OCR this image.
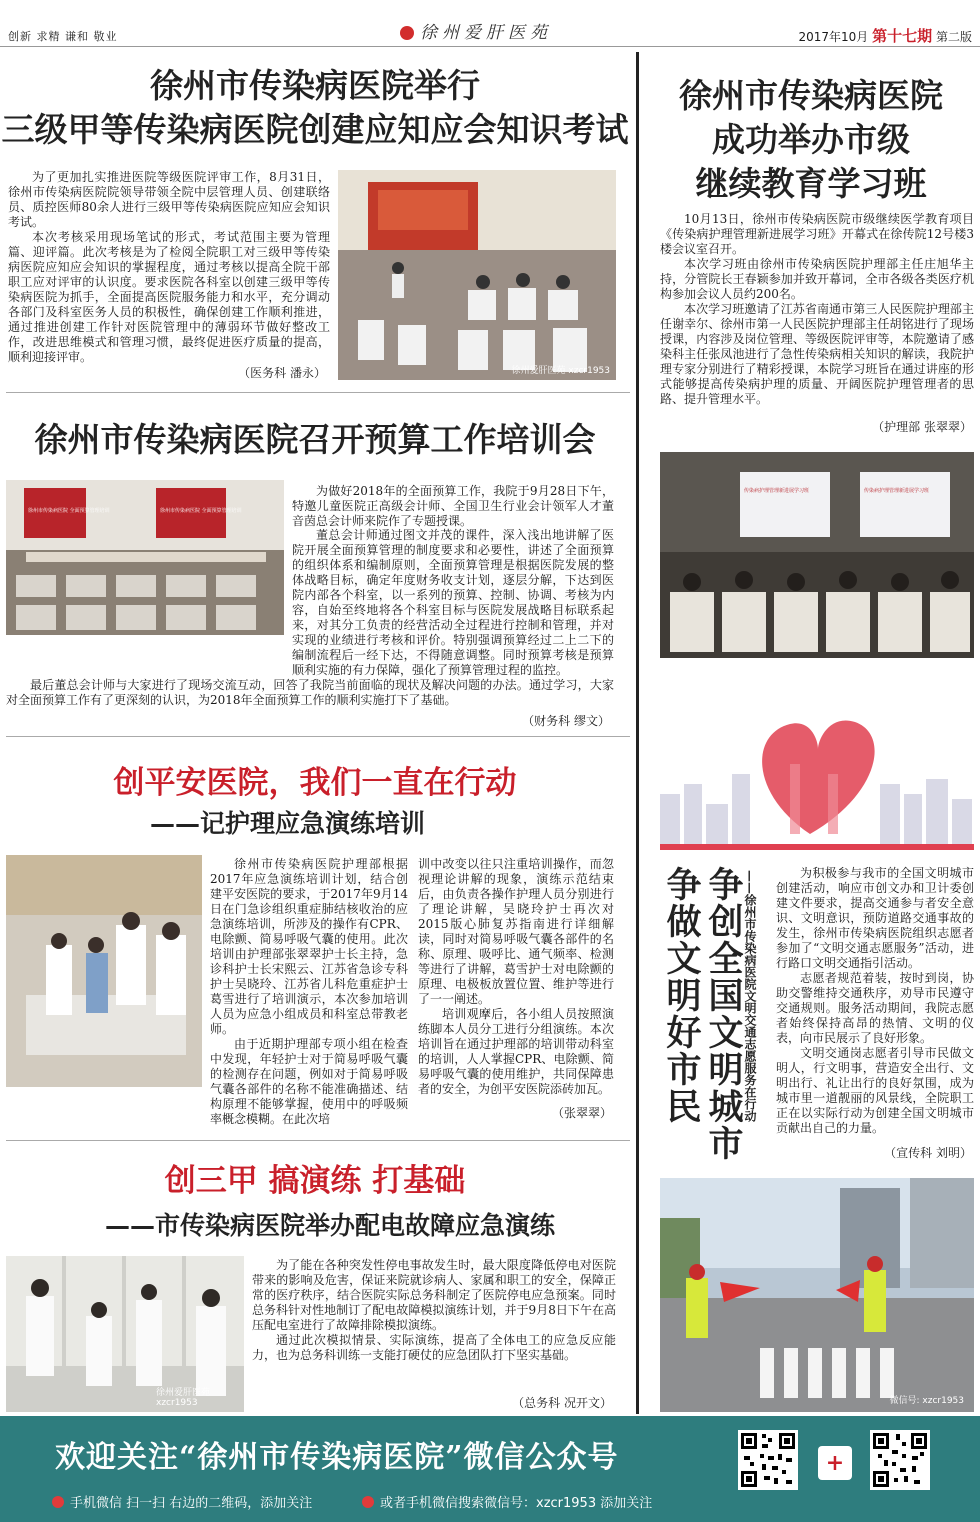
创新 求精 谦和 敬业	徐州爱肝医苑	2017年10月 第十七期 第二版
徐州市传染病医院举行
三级甲等传染病医院创建应知应会知识考试

为了更加扎实推进医院等级医院评审工作，8月31日，徐州市传染病医院院领导带领全院中层管理人员、创建联络员、质控医师80余人进行三级甲等传染病医院应知应会知识考试。

本次考核采用现场笔试的形式，考试范围主要为管理篇、迎评篇。此次考核是为了检阅全院职工对三级甲等传染病医院应知应会知识的掌握程度，通过考核以提高全院干部职工应对评审的认识度。要求医院各科室以创建三级甲等传染病医院为抓手，全面提高医院服务能力和水平，充分调动各部门及科室医务人员的积极性，确保创建工作顺利推进，通过推进创建工作针对医院管理中的薄弱环节做好整改工作，改进思维模式和管理习惯，最终促进医疗质量的提高，顺利迎接评审。

（医务科 潘永）	徐州爱肝医苑 xzcr1953
徐州市传染病医院召开预算工作培训会
徐州市传染病医院 全面预算管理培训	徐州市传染病医院 全面预算管理培训

为做好2018年的全面预算工作，我院于9月28日下午，特邀儿童医院正高级会计师、全国卫生行业会计领军人才董音茵总会计师来院作了专题授课。

董总会计师通过图文并茂的课件，深入浅出地讲解了医院开展全面预算管理的制度要求和必要性，讲述了全面预算的组织体系和编制原则，全面预算管理是根据医院发展的整体战略目标，确定年度财务收支计划，逐层分解，下达到医院内部各个科室，以一系列的预算、控制、协调、考核为内容，自始至终地将各个科室目标与医院发展战略目标联系起来，对其分工负责的经营活动全过程进行控制和管理，并对实现的业绩进行考核和评价。特别强调预算经过二上二下的编制流程后一经下达，不得随意调整。同时预算考核是预算顺利实施的有力保障，强化了预算管理过程的监控。

最后董总会计师与大家进行了现场交流互动，回答了我院当前面临的现状及解决问题的办法。通过学习，大家对全面预算工作有了更深刻的认识，为2018年全面预算工作的顺利实施打下了基础。

（财务科 缪文）
创平安医院，我们一直在行动
——记护理应急演练培训

徐州市传染病医院护理部根据2017年应急演练培训计划，结合创建平安医院的要求，于2017年9月14日在门急诊组织重症肺结核收治的应急演练培训，所涉及的操作有CPR、电除颤、简易呼吸气囊的使用。此次培训由护理部张翠翠护士长主持，急诊科护士长宋熙云、江苏省急诊专科护士吴晓玲、江苏省儿科危重症护士葛雪进行了培训演示，本次参加培训人员为应急小组成员和科室总带教老师。

由于近期护理部专项小组在检查中发现，年轻护士对于简易呼吸气囊的检测存在问题，例如对于简易呼吸气囊各部件的名称不能准确描述、结构原理不能够掌握，使用中的呼吸频率概念模糊。在此次培

训中改变以往只注重培训操作，而忽视理论讲解的现象，演练示范结束后，由负责各操作护理人员分别进行了理论讲解，吴晓玲护士再次对2015版心肺复苏指南进行详细解读，同时对简易呼吸气囊各部件的名称、原理、吸呼比、通气频率、检测等进行了讲解，葛雪护士对电除颤的原理、电极板放置位置、维护等进行了一一阐述。

培训观摩后，各小组人员按照演练脚本人员分工进行分组演练。本次培训旨在通过护理部的培训带动科室的培训，人人掌握CPR、电除颤、简易呼吸气囊的使用维护，共同保障患者的安全，为创平安医院添砖加瓦。

（张翠翠）
创三甲 搞演练 打基础
——市传染病医院举办配电故障应急演练
徐州爱肝医苑 xzcr1953

为了能在各种突发性停电事故发生时，最大限度降低停电对医院带来的影响及危害，保证来院就诊病人、家属和职工的安全，保障正常的医疗秩序，结合医院实际总务科制定了医院停电应急预案。同时总务科针对性地制订了配电故障模拟演练计划，并于9月8日下午在高压配电室进行了故障排除模拟演练。

通过此次模拟情景、实际演练，提高了全体电工的应急反应能力，也为总务科训练一支能打硬仗的应急团队打下坚实基础。

（总务科 况开文）
徐州市传染病医院
成功举办市级
继续教育学习班

10月13日，徐州市传染病医院市级继续医学教育项目《传染病护理管理新进展学习班》开幕式在徐传院12号楼3楼会议室召开。

本次学习班由徐州市传染病医院护理部主任庄旭华主持，分管院长王春颖参加并致开幕词，全市各级各类医疗机构参加会议人员约200名。

本次学习班邀请了江苏省南通市第三人民医院护理部主任谢幸尔、徐州市第一人民医院护理部主任胡铭进行了现场授课，内容涉及岗位管理、等级医院评审等，本院邀请了感染科主任张凤池进行了急性传染病相关知识的解读，我院护理专家分别进行了精彩授课，本院学习班旨在通过讲座的形式能够提高传染病护理的质量、开阔医院护理管理者的思路、提升管理水平。

（护理部 张翠翠）
传染病护理管理新进展学习班	传染病护理管理新进展学习班
争做文明好市民 争创全国文明城市 ——徐州市传染病医院文明交通志愿服务在行动	为积极参与我市的全国文明城市创建活动，响应市创文办和卫计委创建文件要求，提高交通参与者安全意识、文明意识，预防道路交通事故的发生，徐州市传染病医院组织志愿者参加了“文明交通志愿服务”活动，进行路口文明交通指引活动。

志愿者规范着装，按时到岗，协助交警维持交通秩序，劝导市民遵守交通规则。服务活动期间，我院志愿者始终保持高昂的热情、文明的仪表，向市民展示了良好形象。

文明交通岗志愿者引导市民做文明人，行文明事，营造安全出行、文明出行、礼让出行的良好氛围，成为城市里一道靓丽的风景线，全院职工正在以实际行动为创建全国文明城市贡献出自己的力量。

（宣传科 刘明）
微信号: xzcr1953
欢迎关注“徐州市传染病医院”微信公众号
手机微信 扫一扫 右边的二维码，添加关注	或者手机微信搜索微信号：xzcr1953 添加关注
+
